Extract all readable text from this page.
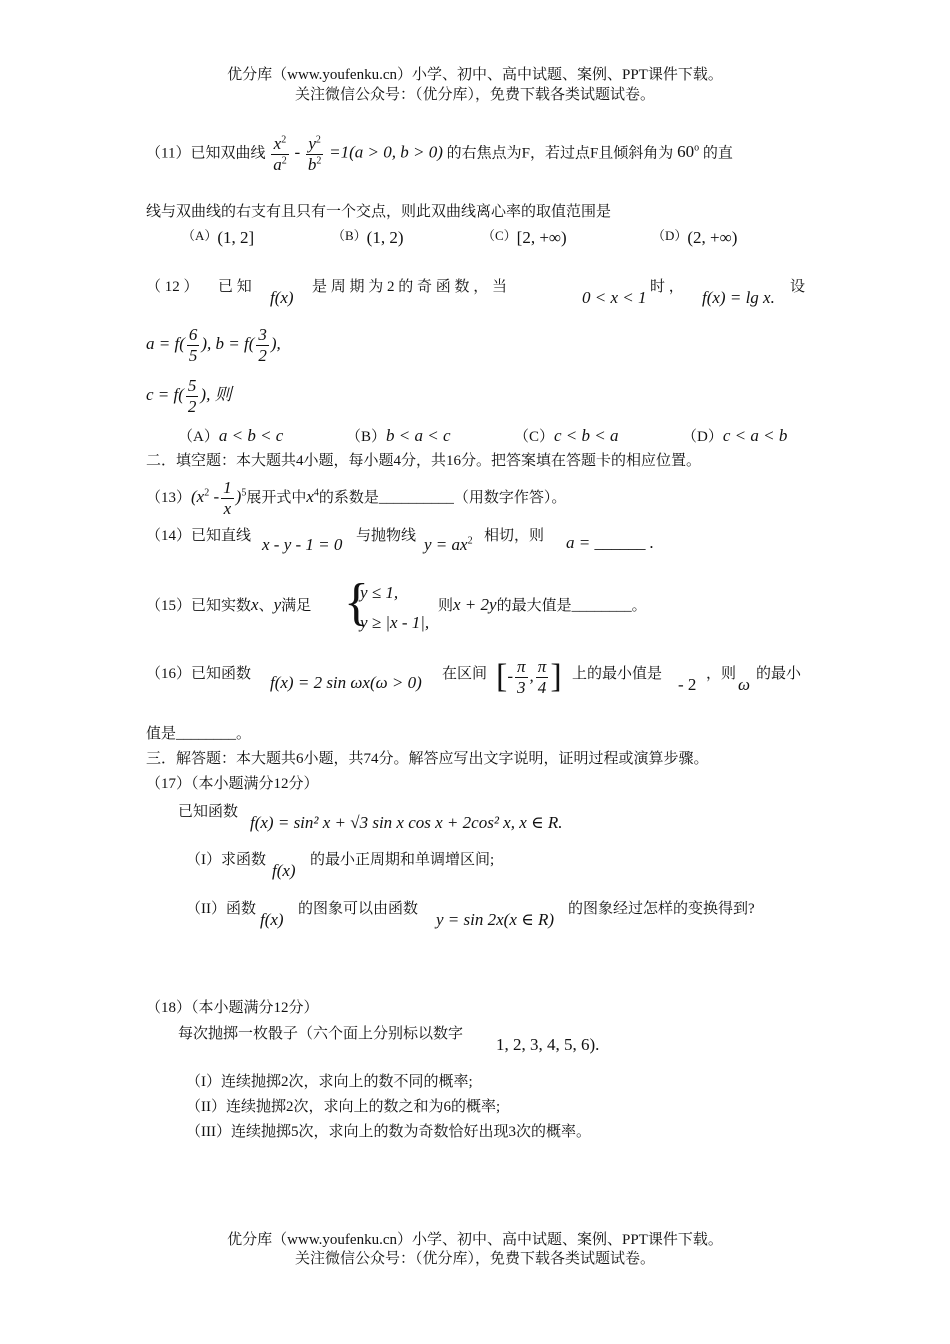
优分库（www.youfenku.cn）小学、初中、高中试题、案例、PPT课件下载。
关注微信公众号：（优分库），免费下载各类试题试卷。
（11）已知双曲线 $\frac{x^2}{a^2} - \frac{y^2}{b^2} =1(a > 0$, b > 0) 的右焦点为F，若过点F且倾斜角为 60$^o$ 的直
线与双曲线的右支有且只有一个交点，则此双曲线离心率的取值范围是
（A）(1, 2]	（B）(1, 2)	（C）[2, +∞)	（D）(2, +∞)
（ 12 ） 已 知
f(x)
是 周 期 为 2 的 奇 函 数 ， 当
0 < x < 1
时 ，
f(x) = lg x.
设
$a = f( \frac{6}{5}$ ), $b = f( \frac{3}{2}$ ),
$c = f( \frac{5}{2}$ ), 则
（A）a < b < c	（B）b < a < c	（C）c < b < a	（D）c < a < b
二．填空题：本大题共4小题，每小题4分，共16分。把答案填在答题卡的相应位置。
$(13)(x^2 - \frac{1}{x} )^5$展开式中$x^4$的系数是__________（用数字作答）。
（14）已知直线 x - y - 1 = 0 与抛物线 $y = ax^2$ 相切，则 a = ______ .
（15）已知实数x、y满足 {
y ≤ 1,
y ≥ |x - 1|,
则x + 2y的最大值是________。
（16）已知函数 f(x) = 2 sin ωx(ω > 0) 在区间 [- $\frac{\pi}{3}$ , $\frac{\pi}{4}$ ] 上的最小值是
- 2
，则
ω
的最小
值是________。
三．解答题：本大题共6小题，共74分。解答应写出文字说明，证明过程或演算步骤。
（17）（本小题满分12分）
已知函数
f(x) = sin² x + √3 sin x cos x + 2cos² x, x ∈ R.
（I）求函数
f(x)
的最小正周期和单调增区间;
（II）函数
f(x)
的图象可以由函数
y = sin 2x(x ∈ R)
的图象经过怎样的变换得到?
（18）（本小题满分12分）
每次抛掷一枚骰子（六个面上分别标以数字
1, 2, 3, 4, 5, 6).
（I）连续抛掷2次，求向上的数不同的概率;
（II）连续抛掷2次，求向上的数之和为6的概率;
（III）连续抛掷5次，求向上的数为奇数恰好出现3次的概率。
优分库（www.youfenku.cn）小学、初中、高中试题、案例、PPT课件下载。
关注微信公众号：（优分库），免费下载各类试题试卷。
